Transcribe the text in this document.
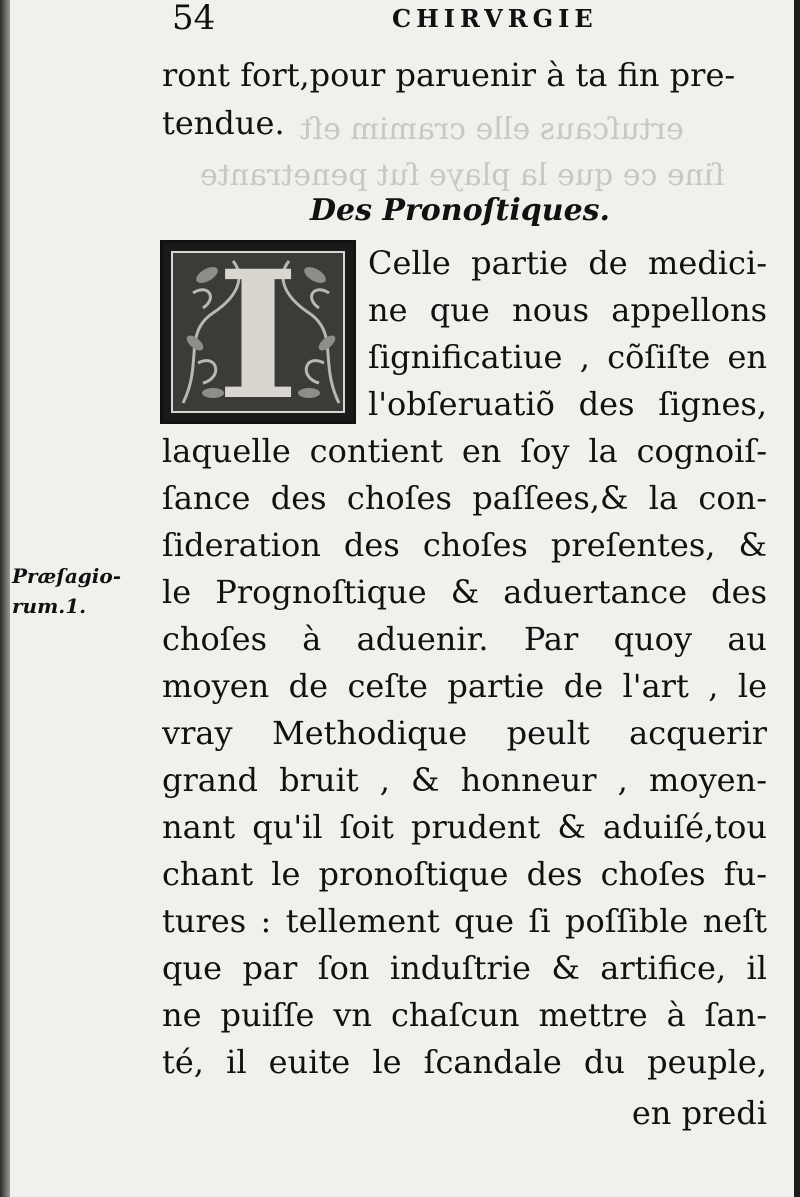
ertuſcaus elle cramim eſt
ſine ce que la playe ſut penetrante
54	CHIRVRGIE
ront fort,pour paruenir à ta fin pre-
tendue.
Des Pronoſtiques.
I	Celle partie de medici-
ne que nous appellons
ſignificatiue , cõſiſte en
l'obſeruatiõ des ſignes,
laquelle contient en ſoy la cognoiſ-
ſance des choſes paſſees,& la con-
ſideration des choſes preſentes, &
le Prognoſtique & aduertance des
choſes à aduenir. Par quoy au
moyen de ceſte partie de l'art , le
vray Methodique peult acquerir
grand bruit , & honneur , moyen-
nant qu'il ſoit prudent & aduiſé,tou
chant le pronoſtique des choſes fu-
tures : tellement que ſi poſſible neſt
que par ſon induſtrie & artifice, il
ne puiſſe vn chaſcun mettre à ſan-
té, il euite le ſcandale du peuple,
en predi
Præſagio-
rum.1.
